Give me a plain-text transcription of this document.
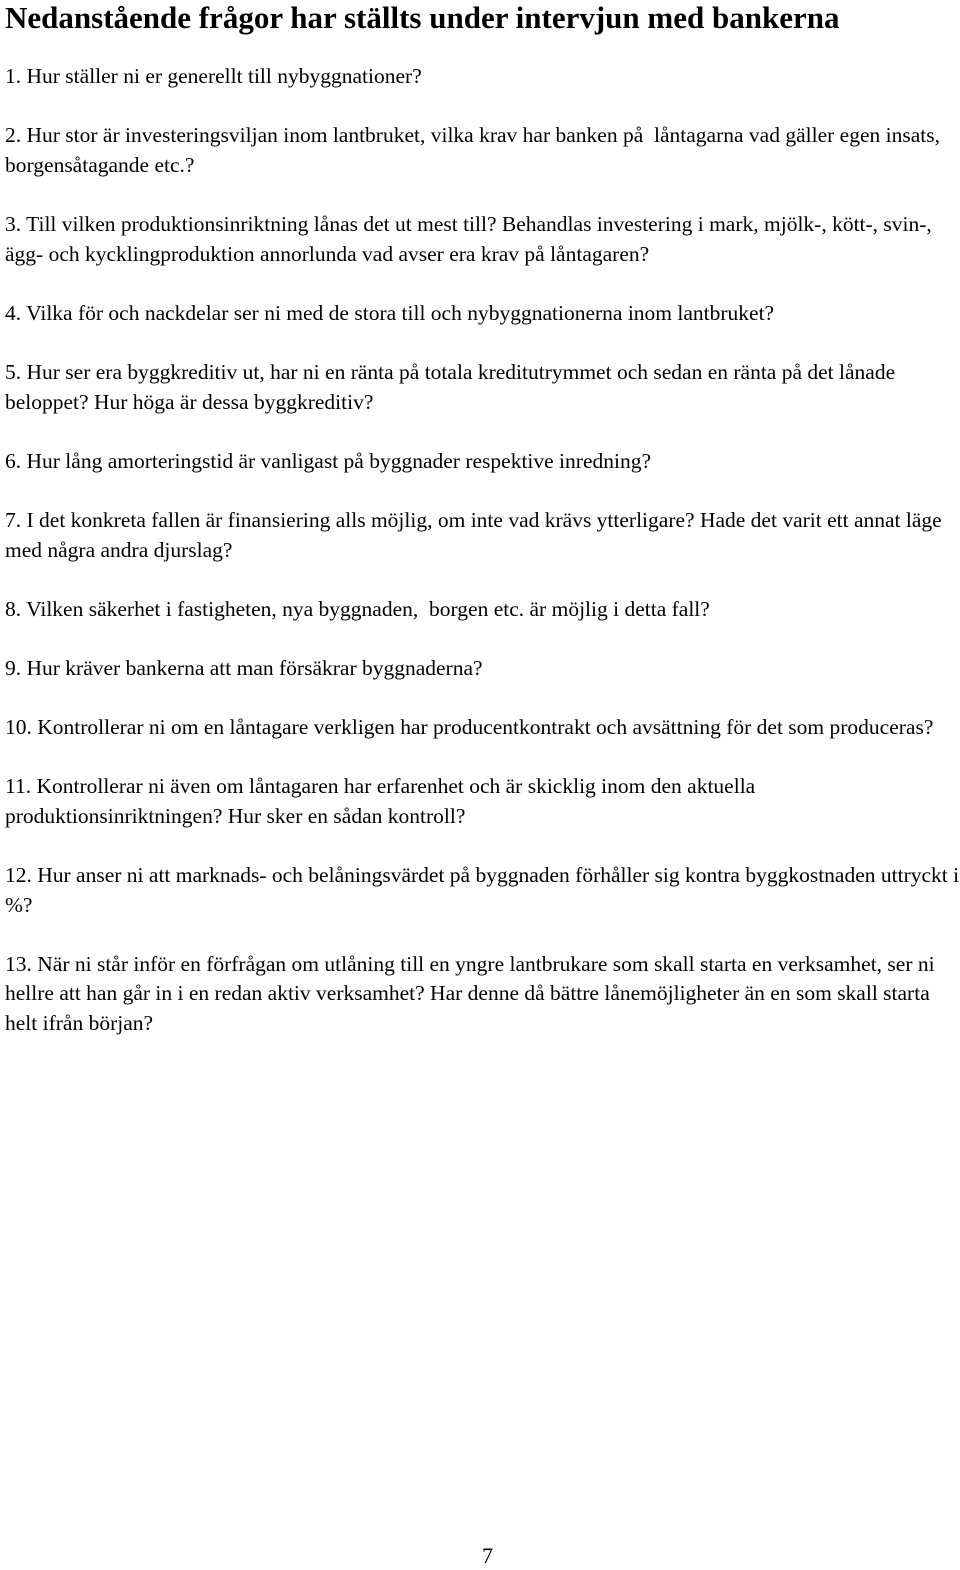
Nedanstående frågor har ställts under intervjun med bankerna
1. Hur ställer ni er generellt till nybyggnationer?
2. Hur stor är investeringsviljan inom lantbruket, vilka krav har banken på  låntagarna vad gäller egen insats, borgensåtagande etc.?
3. Till vilken produktionsinriktning lånas det ut mest till? Behandlas investering i mark, mjölk-, kött-, svin-, ägg- och kycklingproduktion annorlunda vad avser era krav på låntagaren?
4. Vilka för och nackdelar ser ni med de stora till och nybyggnationerna inom lantbruket?
5. Hur ser era byggkreditiv ut, har ni en ränta på totala kreditutrymmet och sedan en ränta på det lånade beloppet? Hur höga är dessa byggkreditiv?
6. Hur lång amorteringstid är vanligast på byggnader respektive inredning?
7. I det konkreta fallen är finansiering alls möjlig, om inte vad krävs ytterligare? Hade det varit ett annat läge med några andra djurslag?
8. Vilken säkerhet i fastigheten, nya byggnaden,  borgen etc. är möjlig i detta fall?
9. Hur kräver bankerna att man försäkrar byggnaderna?
10. Kontrollerar ni om en låntagare verkligen har producentkontrakt och avsättning för det som produceras?
11. Kontrollerar ni även om låntagaren har erfarenhet och är skicklig inom den aktuella produktionsinriktningen? Hur sker en sådan kontroll?
12. Hur anser ni att marknads- och belåningsvärdet på byggnaden förhåller sig kontra byggkostnaden uttryckt i %?
13. När ni står inför en förfrågan om utlåning till en yngre lantbrukare som skall starta en verksamhet, ser ni hellre att han går in i en redan aktiv verksamhet? Har denne då bättre lånemöjligheter än en som skall starta helt ifrån början?
7
